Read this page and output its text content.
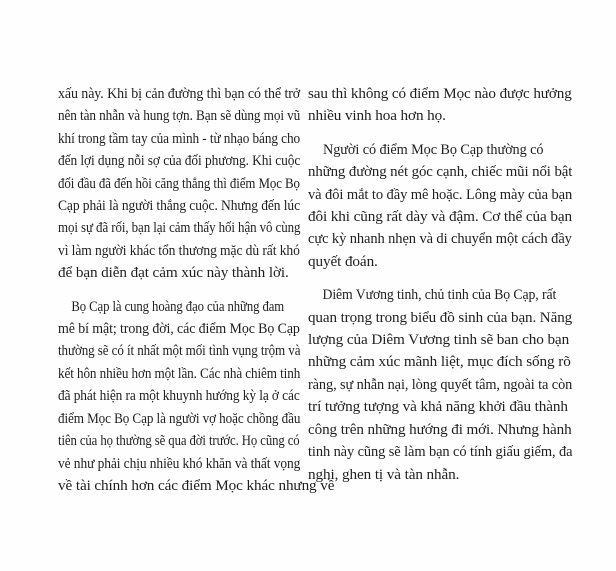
xấu này. Khi bị cản đường thì bạn có thể trở
nên tàn nhẫn và hung tợn. Bạn sẽ dùng mọi vũ
khí trong tầm tay của mình - từ nhạo báng cho
đến lợi dụng nỗi sợ của đối phương. Khi cuộc
đối đầu đã đến hồi căng thẳng thì điểm Mọc Bọ
Cạp phải là người thắng cuộc. Nhưng đến lúc
mọi sự đã rối, bạn lại cảm thấy hối hận vô cùng
vì làm người khác tổn thương mặc dù rất khó
để bạn diễn đạt cảm xúc này thành lời.

Bọ Cạp là cung hoàng đạo của những đam
mê bí mật; trong đời, các điểm Mọc Bọ Cạp
thường sẽ có ít nhất một mối tình vụng trộm và
kết hôn nhiều hơn một lần. Các nhà chiêm tinh
đã phát hiện ra một khuynh hướng kỳ lạ ở các
điểm Mọc Bọ Cạp là người vợ hoặc chồng đầu
tiên của họ thường sẽ qua đời trước. Họ cũng có
vẻ như phải chịu nhiều khó khăn và thất vọng
về tài chính hơn các điểm Mọc khác nhưng về

sau thì không có điểm Mọc nào được hưởng
nhiều vinh hoa hơn họ.

Người có điểm Mọc Bọ Cạp thường có
những đường nét góc cạnh, chiếc mũi nổi bật
và đôi mắt to đầy mê hoặc. Lông mày của bạn
đôi khi cũng rất dày và đậm. Cơ thể của bạn
cực kỳ nhanh nhẹn và di chuyển một cách đầy
quyết đoán.

Diêm Vương tinh, chủ tinh của Bọ Cạp, rất
quan trọng trong biểu đồ sinh của bạn. Năng
lượng của Diêm Vương tinh sẽ ban cho bạn
những cảm xúc mãnh liệt, mục đích sống rõ
ràng, sự nhẫn nại, lòng quyết tâm, ngoài ta còn
trí tưởng tượng và khả năng khởi đầu thành
công trên những hướng đi mới. Nhưng hành
tinh này cũng sẽ làm bạn có tính giấu giếm, đa
nghi, ghen tị và tàn nhẫn.
